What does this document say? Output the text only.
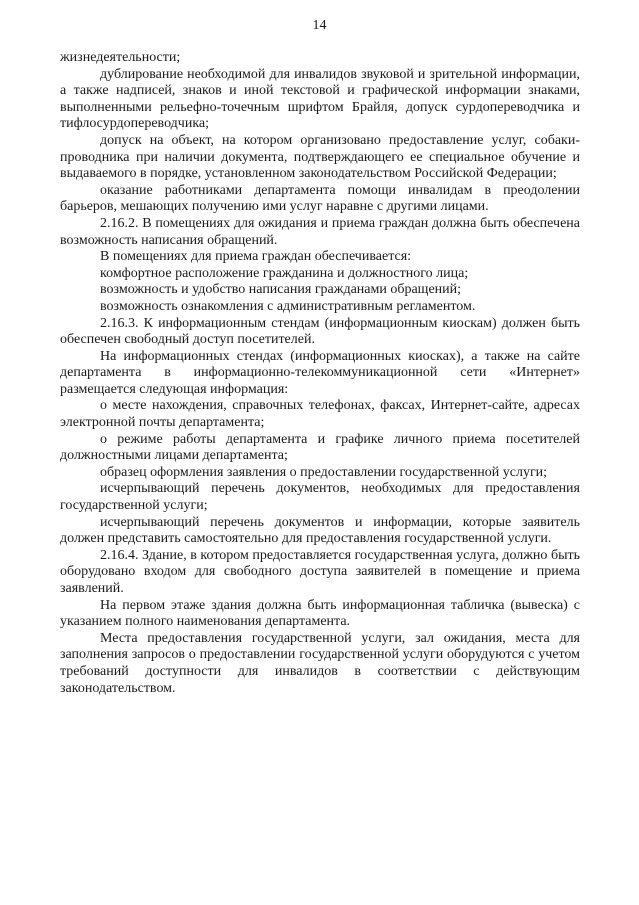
14

жизнедеятельности;

дублирование необходимой для инвалидов звуковой и зрительной информации, а также надписей, знаков и иной текстовой и графической информации знаками, выполненными рельефно-точечным шрифтом Брайля, допуск сурдопереводчика и тифлосурдопереводчика;

допуск на объект, на котором организовано предоставление услуг, собаки-проводника при наличии документа, подтверждающего ее специальное обучение и выдаваемого в порядке, установленном законодательством Российской Федерации;

оказание работниками департамента помощи инвалидам в преодолении барьеров, мешающих получению ими услуг наравне с другими лицами.

2.16.2. В помещениях для ожидания и приема граждан должна быть обеспечена возможность написания обращений.

В помещениях для приема граждан обеспечивается:

комфортное расположение гражданина и должностного лица;

возможность и удобство написания гражданами обращений;

возможность ознакомления с административным регламентом.

2.16.3. К информационным стендам (информационным киоскам) должен быть обеспечен свободный доступ посетителей.

На информационных стендах (информационных киосках), а также на сайте департамента в информационно-телекоммуникационной сети «Интернет» размещается следующая информация:

о месте нахождения, справочных телефонах, факсах, Интернет-сайте, адресах электронной почты департамента;

о режиме работы департамента и графике личного приема посетителей должностными лицами департамента;

образец оформления заявления о предоставлении государственной услуги;

исчерпывающий перечень документов, необходимых для предоставления государственной услуги;

исчерпывающий перечень документов и информации, которые заявитель должен представить самостоятельно для предоставления государственной услуги.

2.16.4. Здание, в котором предоставляется государственная услуга, должно быть оборудовано входом для свободного доступа заявителей в помещение и приема заявлений.

На первом этаже здания должна быть информационная табличка (вывеска) с указанием полного наименования департамента.

Места предоставления государственной услуги, зал ожидания, места для заполнения запросов о предоставлении государственной услуги оборудуются с учетом требований доступности для инвалидов в соответствии с действующим законодательством.
